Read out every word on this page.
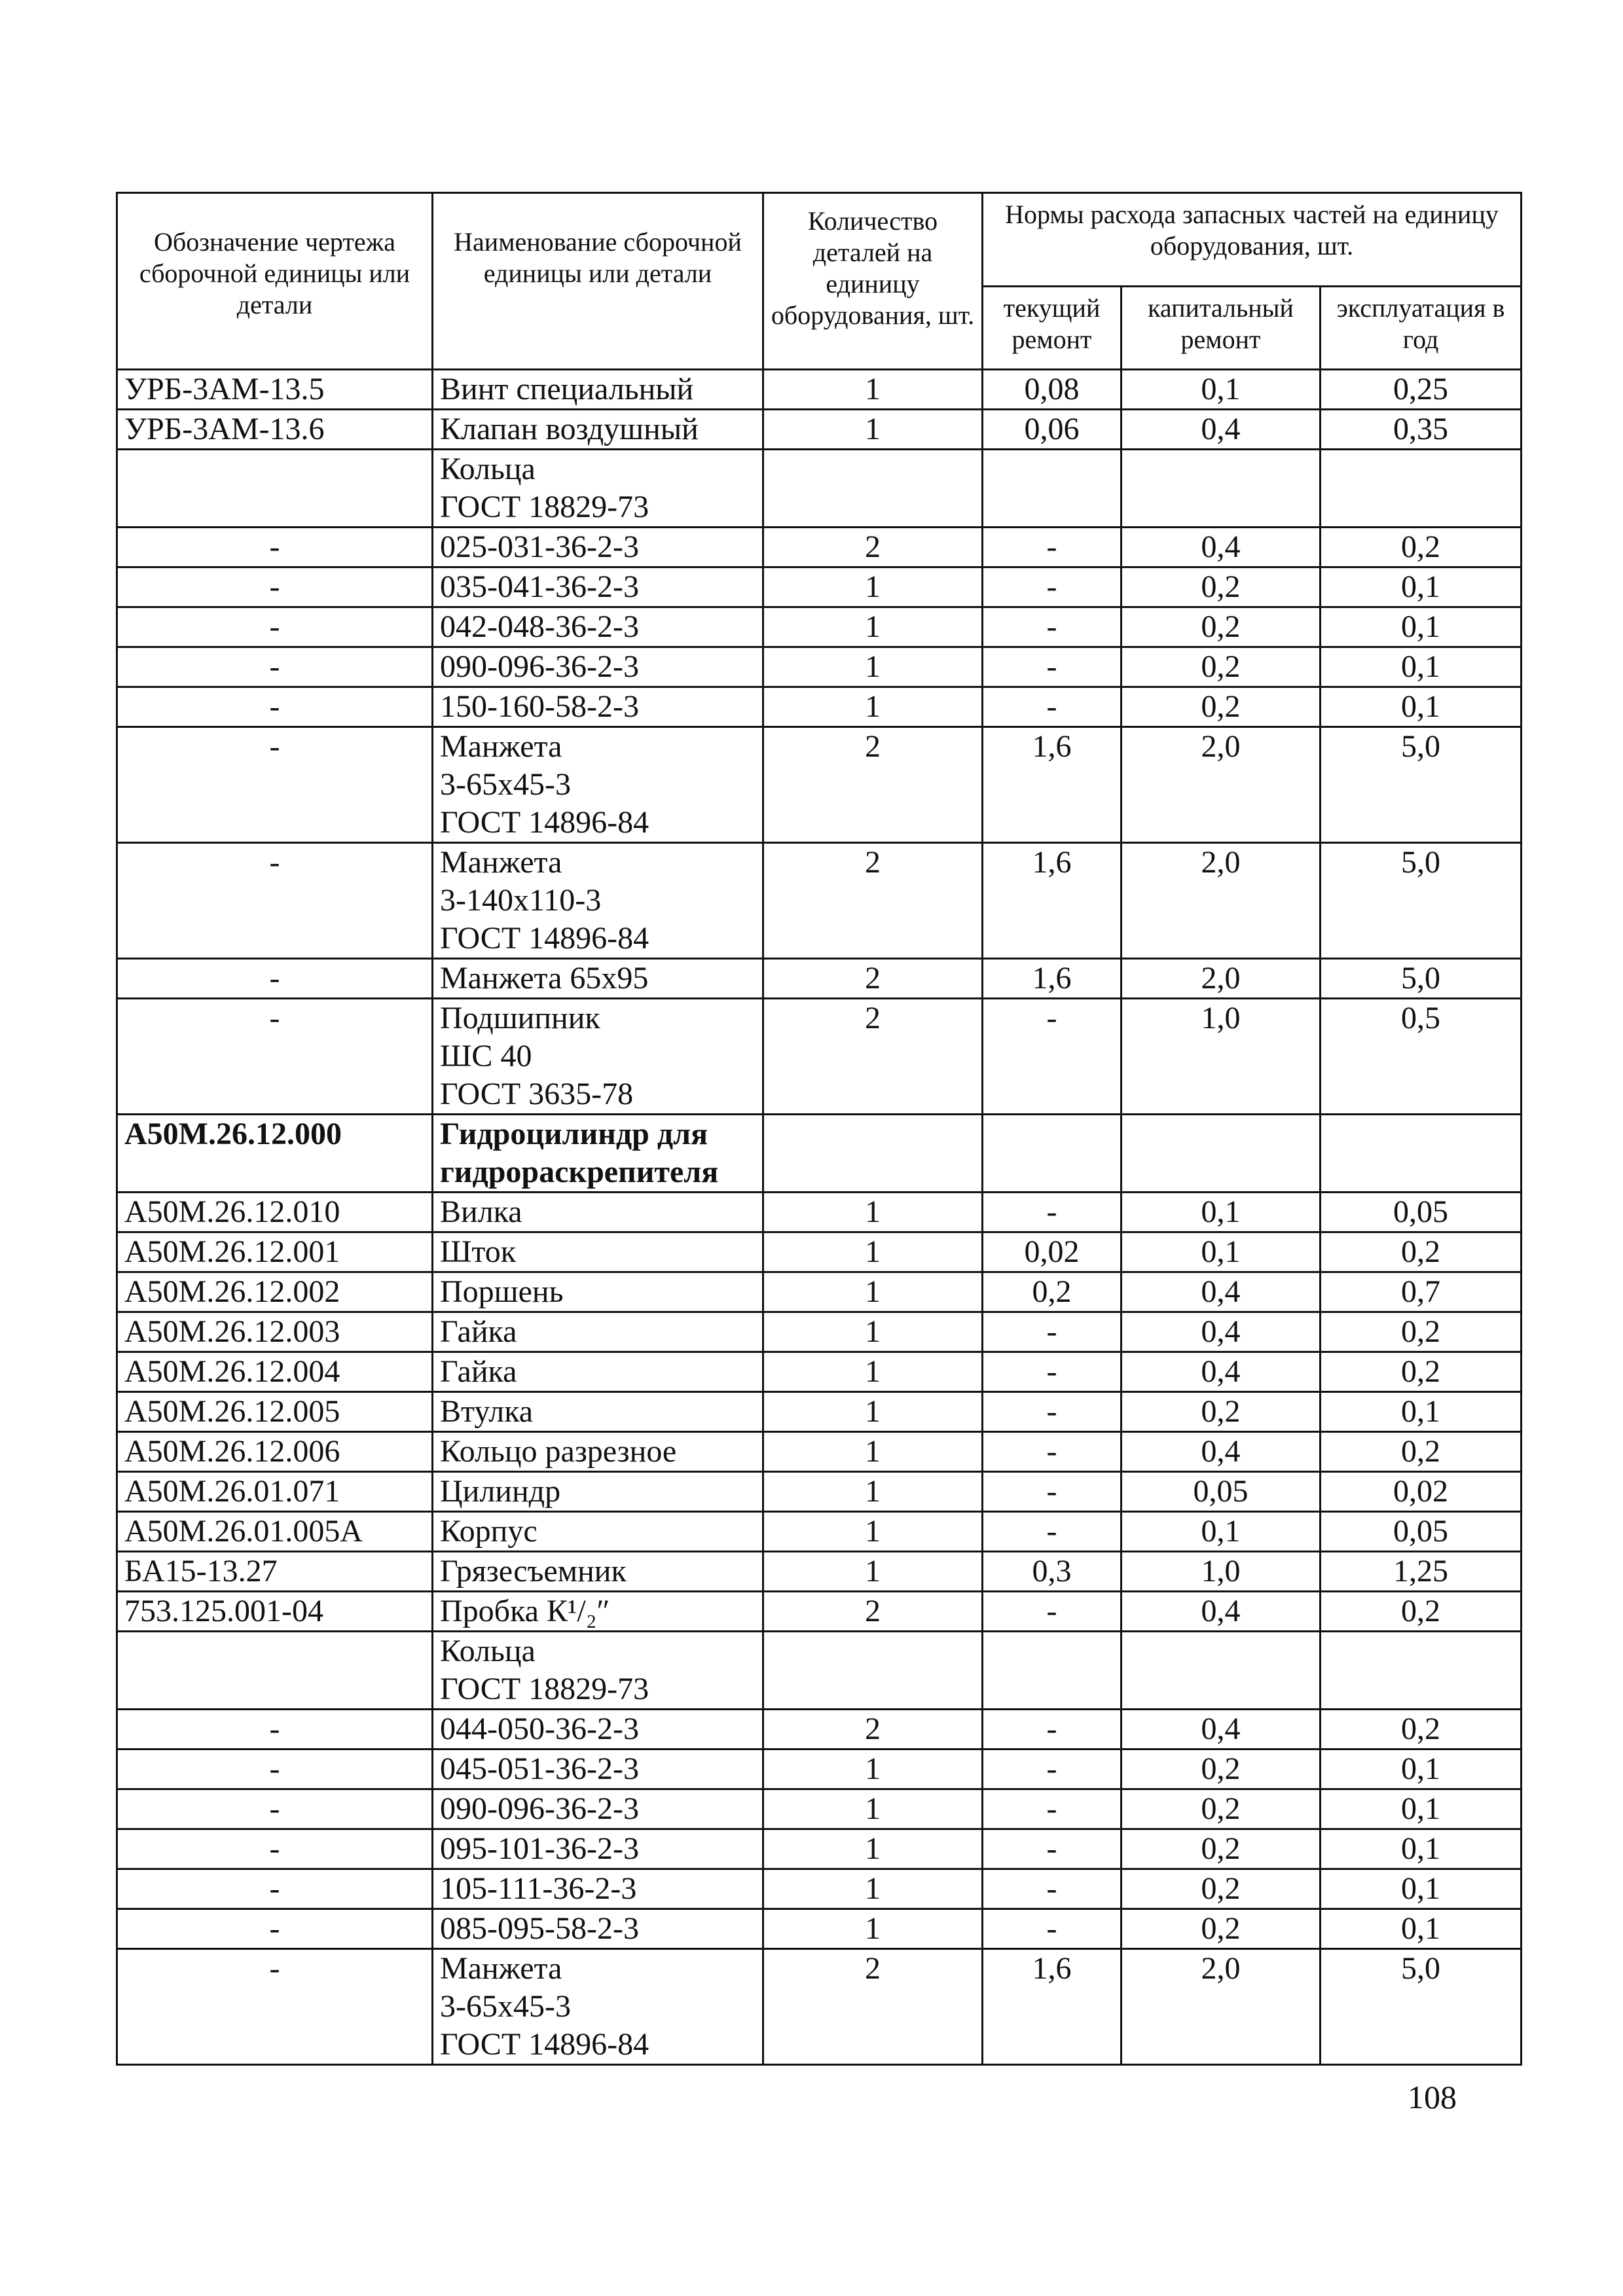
Обозначение чертежа сборочной единицы или детали	Наименование сборочной единицы или детали	Количество деталей на единицу оборудования, шт.	Нормы расхода запасных частей на единицу оборудования, шт.		
			текущий ремонт	капитальный ремонт	эксплуатация в год
УРБ-3АМ-13.5	Винт специальный	1	0,08	0,1	0,25
УРБ-3АМ-13.6	Клапан воздушный	1	0,06	0,4	0,35
	Кольца
ГОСТ 18829-73				
-	025-031-36-2-3	2	-	0,4	0,2
-	035-041-36-2-3	1	-	0,2	0,1
-	042-048-36-2-3	1	-	0,2	0,1
-	090-096-36-2-3	1	-	0,2	0,1
-	150-160-58-2-3	1	-	0,2	0,1
-	Манжета
3-65х45-3
ГОСТ 14896-84	2	1,6	2,0	5,0
-	Манжета
3-140х110-3
ГОСТ 14896-84	2	1,6	2,0	5,0
-	Манжета 65х95	2	1,6	2,0	5,0
-	Подшипник
ШС 40
ГОСТ 3635-78	2	-	1,0	0,5
А50М.26.12.000	Гидроцилиндр для
гидрораскрепителя				
А50М.26.12.010	Вилка	1	-	0,1	0,05
А50М.26.12.001	Шток	1	0,02	0,1	0,2
А50М.26.12.002	Поршень	1	0,2	0,4	0,7
А50М.26.12.003	Гайка	1	-	0,4	0,2
А50М.26.12.004	Гайка	1	-	0,4	0,2
А50М.26.12.005	Втулка	1	-	0,2	0,1
А50М.26.12.006	Кольцо разрезное	1	-	0,4	0,2
А50М.26.01.071	Цилиндр	1	-	0,05	0,02
А50М.26.01.005А	Корпус	1	-	0,1	0,05
БА15-13.27	Грязесъемник	1	0,3	1,0	1,25
753.125.001-04	Пробка К¹/₂″	2	-	0,4	0,2
	Кольца
ГОСТ 18829-73				
-	044-050-36-2-3	2	-	0,4	0,2
-	045-051-36-2-3	1	-	0,2	0,1
-	090-096-36-2-3	1	-	0,2	0,1
-	095-101-36-2-3	1	-	0,2	0,1
-	105-111-36-2-3	1	-	0,2	0,1
-	085-095-58-2-3	1	-	0,2	0,1
-	Манжета
3-65х45-3
ГОСТ 14896-84	2	1,6	2,0	5,0
108
